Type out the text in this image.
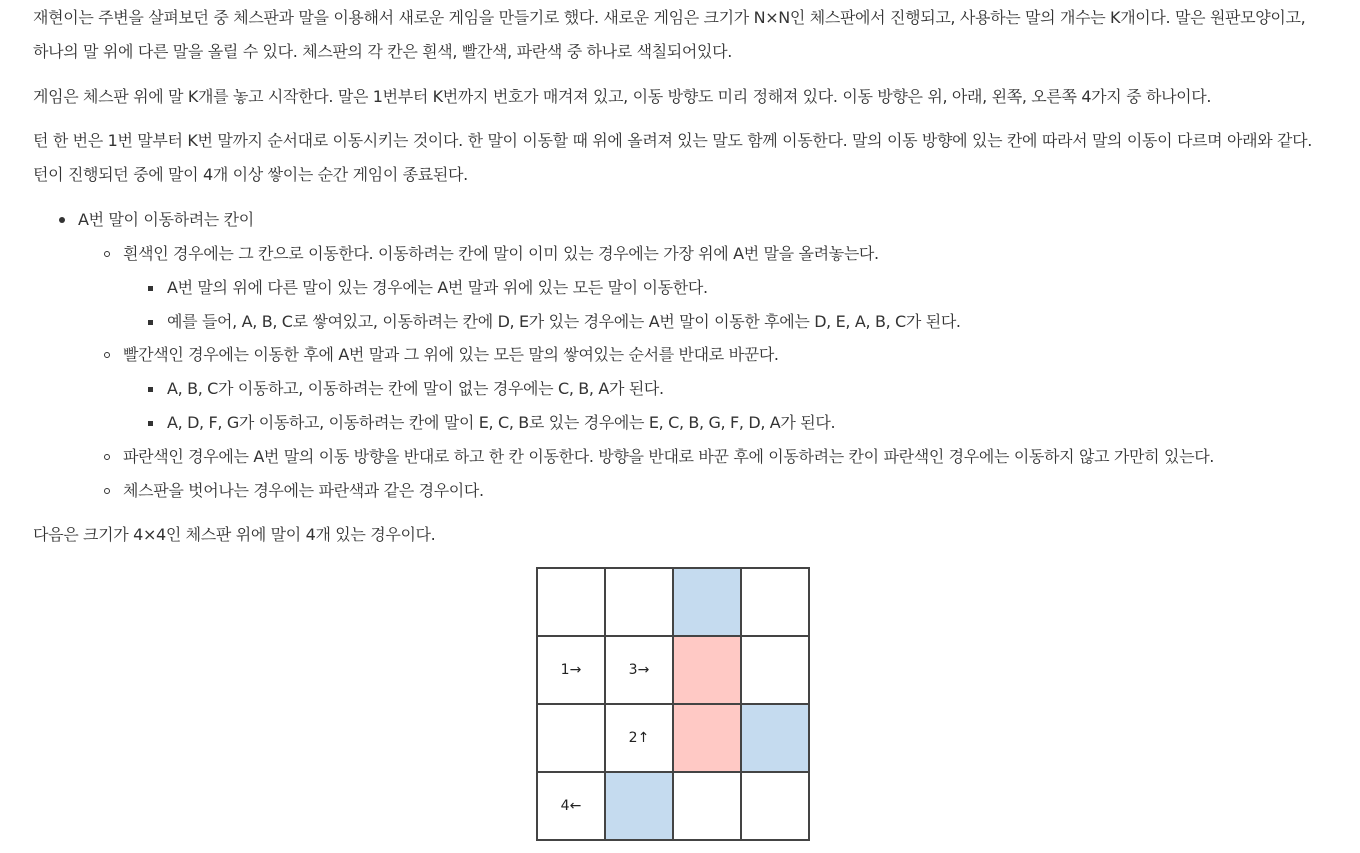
재현이는 주변을 살펴보던 중 체스판과 말을 이용해서 새로운 게임을 만들기로 했다. 새로운 게임은 크기가 N×N인 체스판에서 진행되고, 사용하는 말의 개수는 K개이다. 말은 원판모양이고, 하나의 말 위에 다른 말을 올릴 수 있다. 체스판의 각 칸은 흰색, 빨간색, 파란색 중 하나로 색칠되어있다.

게임은 체스판 위에 말 K개를 놓고 시작한다. 말은 1번부터 K번까지 번호가 매겨져 있고, 이동 방향도 미리 정해져 있다. 이동 방향은 위, 아래, 왼쪽, 오른쪽 4가지 중 하나이다.

턴 한 번은 1번 말부터 K번 말까지 순서대로 이동시키는 것이다. 한 말이 이동할 때 위에 올려져 있는 말도 함께 이동한다. 말의 이동 방향에 있는 칸에 따라서 말의 이동이 다르며 아래와 같다. 턴이 진행되던 중에 말이 4개 이상 쌓이는 순간 게임이 종료된다.

A번 말이 이동하려는 칸이
흰색인 경우에는 그 칸으로 이동한다. 이동하려는 칸에 말이 이미 있는 경우에는 가장 위에 A번 말을 올려놓는다.
A번 말의 위에 다른 말이 있는 경우에는 A번 말과 위에 있는 모든 말이 이동한다.
예를 들어, A, B, C로 쌓여있고, 이동하려는 칸에 D, E가 있는 경우에는 A번 말이 이동한 후에는 D, E, A, B, C가 된다.
빨간색인 경우에는 이동한 후에 A번 말과 그 위에 있는 모든 말의 쌓여있는 순서를 반대로 바꾼다.
A, B, C가 이동하고, 이동하려는 칸에 말이 없는 경우에는 C, B, A가 된다.
A, D, F, G가 이동하고, 이동하려는 칸에 말이 E, C, B로 있는 경우에는 E, C, B, G, F, D, A가 된다.
파란색인 경우에는 A번 말의 이동 방향을 반대로 하고 한 칸 이동한다. 방향을 반대로 바꾼 후에 이동하려는 칸이 파란색인 경우에는 이동하지 않고 가만히 있는다.
체스판을 벗어나는 경우에는 파란색과 같은 경우이다.

다음은 크기가 4×4인 체스판 위에 말이 4개 있는 경우이다.

1→	3→
2↑
4←
